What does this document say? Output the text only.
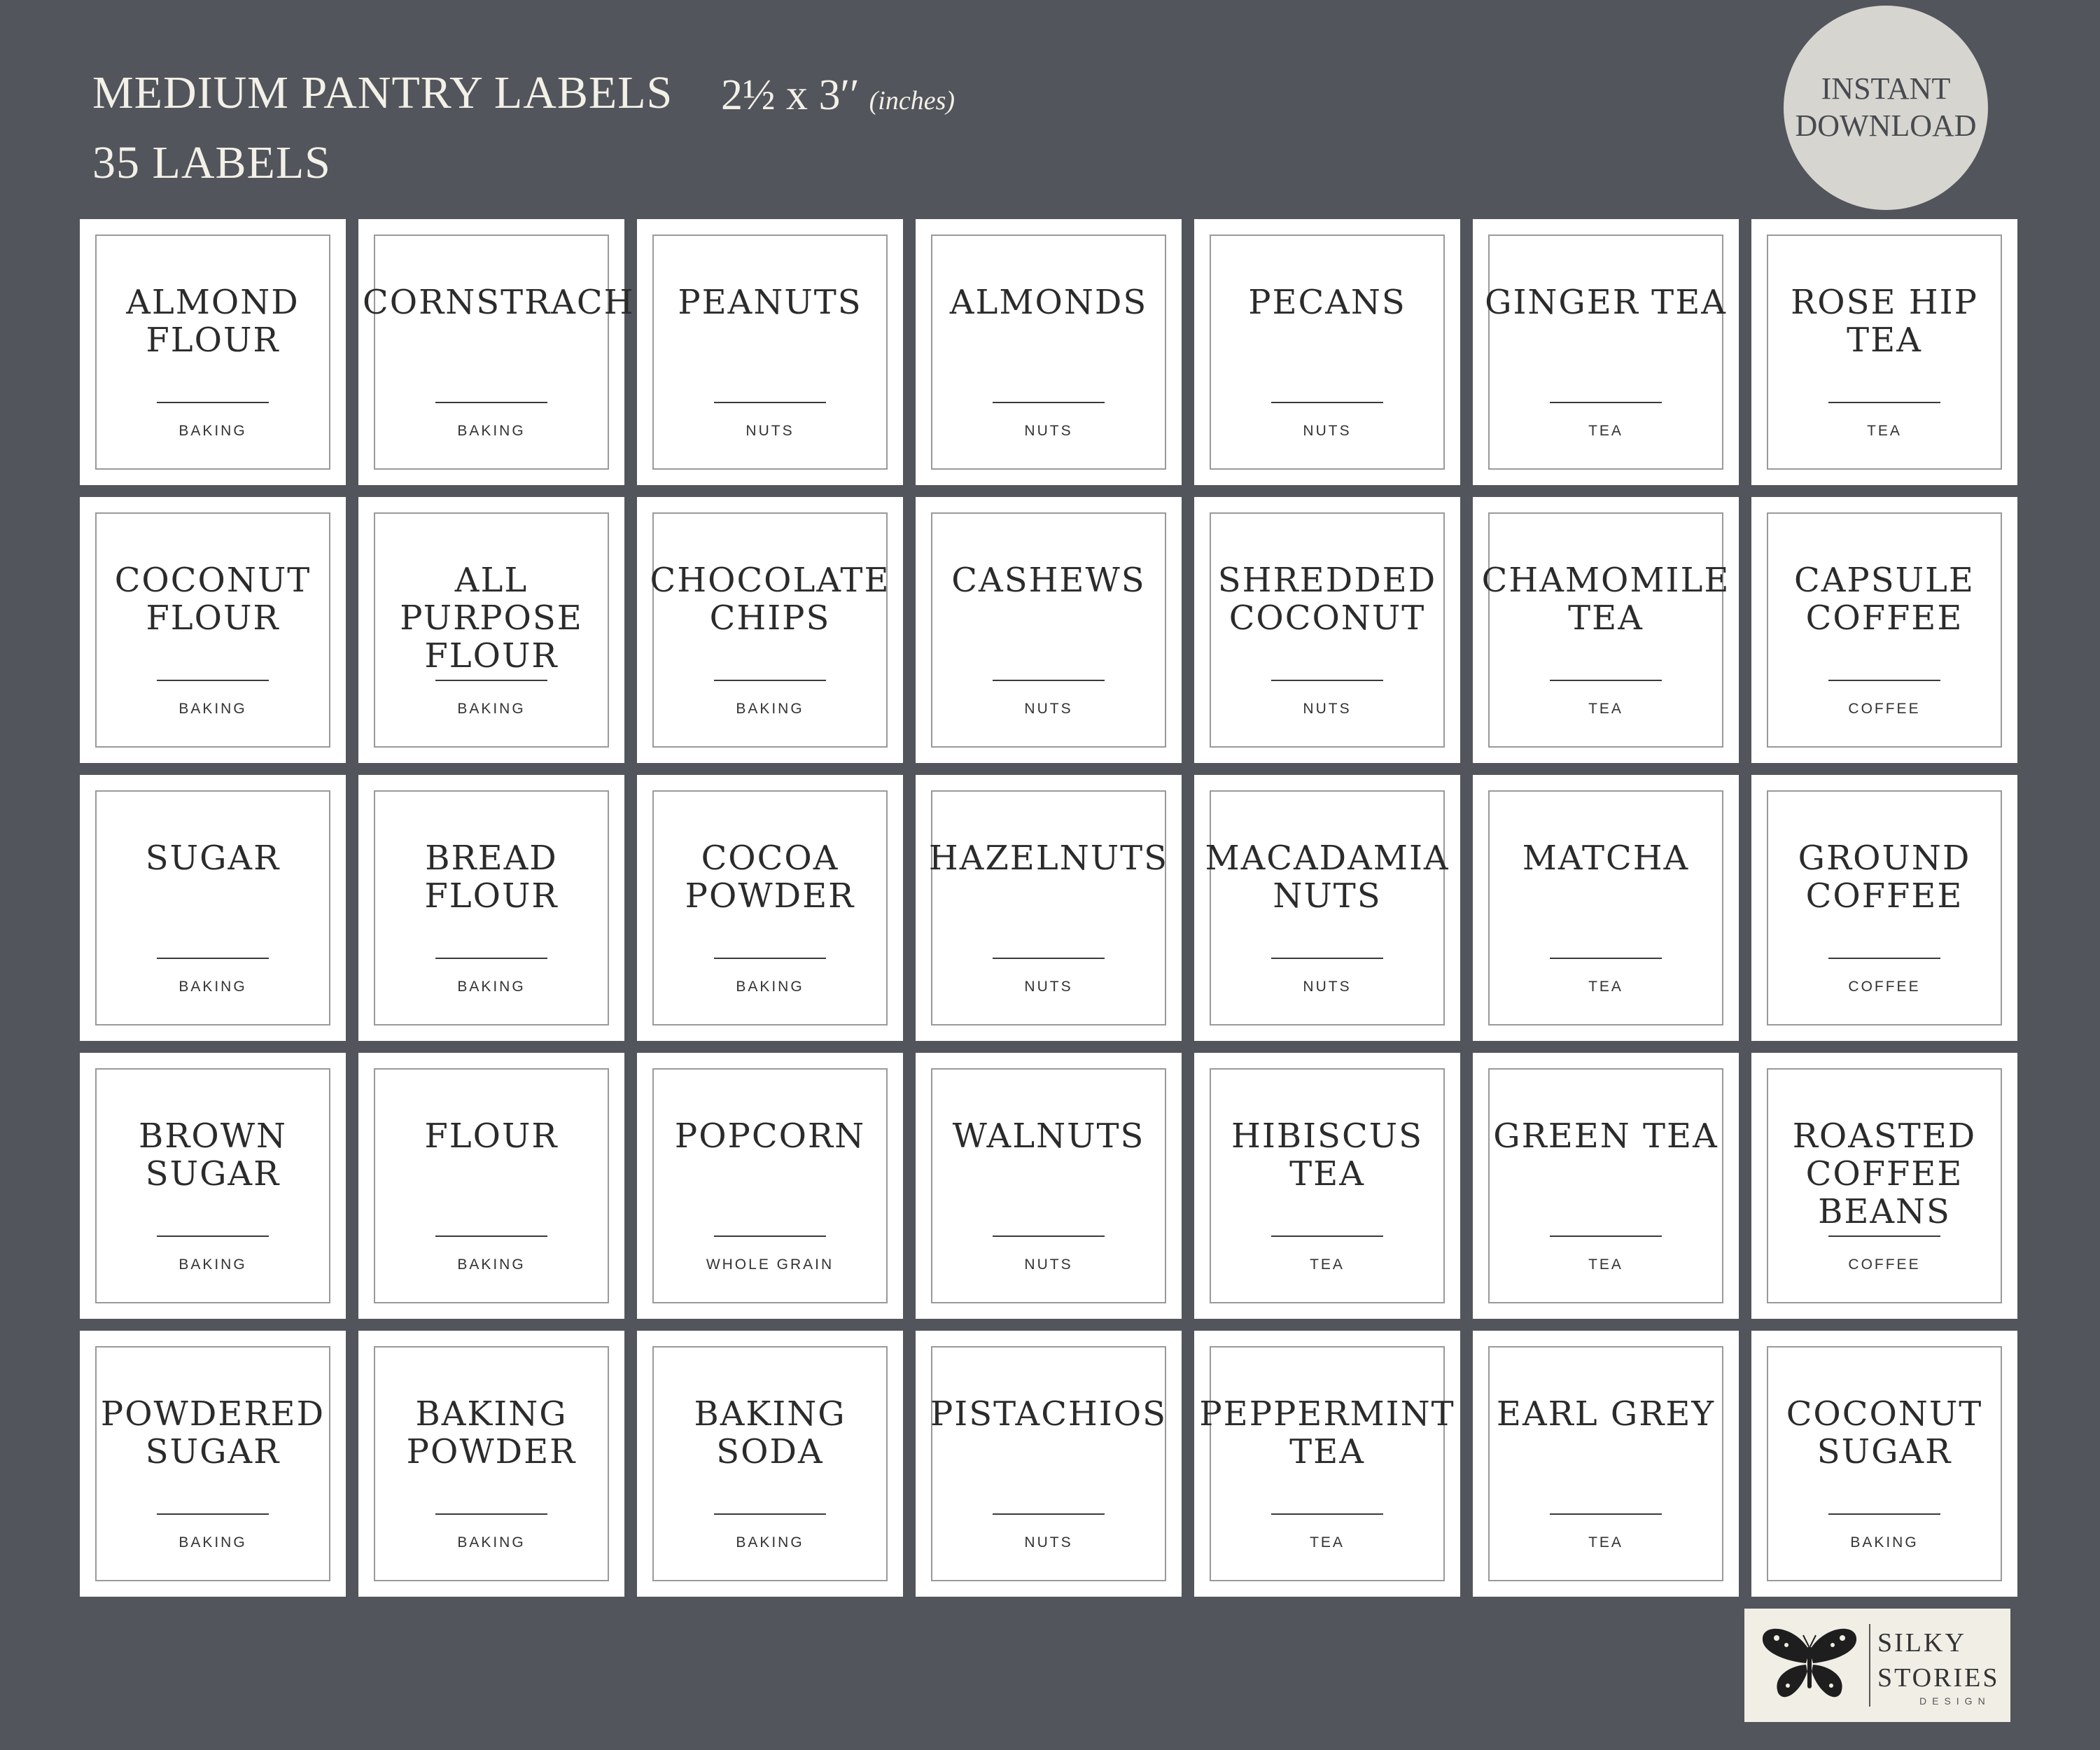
MEDIUM PANTRY LABELS
35 LABELS
2½ x 3′′ (inches)	INSTANT
DOWNLOAD
ALMOND FLOUR
BAKING
CORNSTRACH
BAKING
PEANUTS
NUTS
ALMONDS
NUTS
PECANS
NUTS
GINGER TEA
TEA
ROSE HIP TEA
TEA
COCONUT FLOUR
BAKING
ALL PURPOSE FLOUR
BAKING
CHOCOLATE CHIPS
BAKING
CASHEWS
NUTS
SHREDDED COCONUT
NUTS
CHAMOMILE TEA
TEA
CAPSULE COFFEE
COFFEE
SUGAR
BAKING
BREAD FLOUR
BAKING
COCOA POWDER
BAKING
HAZELNUTS
NUTS
MACADAMIA NUTS
NUTS
MATCHA
TEA
GROUND COFFEE
COFFEE
BROWN SUGAR
BAKING
FLOUR
BAKING
POPCORN
WHOLE GRAIN
WALNUTS
NUTS
HIBISCUS TEA
TEA
GREEN TEA
TEA
ROASTED COFFEE BEANS
COFFEE
POWDERED SUGAR
BAKING
BAKING POWDER
BAKING
BAKING SODA
BAKING
PISTACHIOS
NUTS
PEPPERMINT TEA
TEA
EARL GREY
TEA
COCONUT SUGAR
BAKING
SILKY
STORIES
DESIGN
